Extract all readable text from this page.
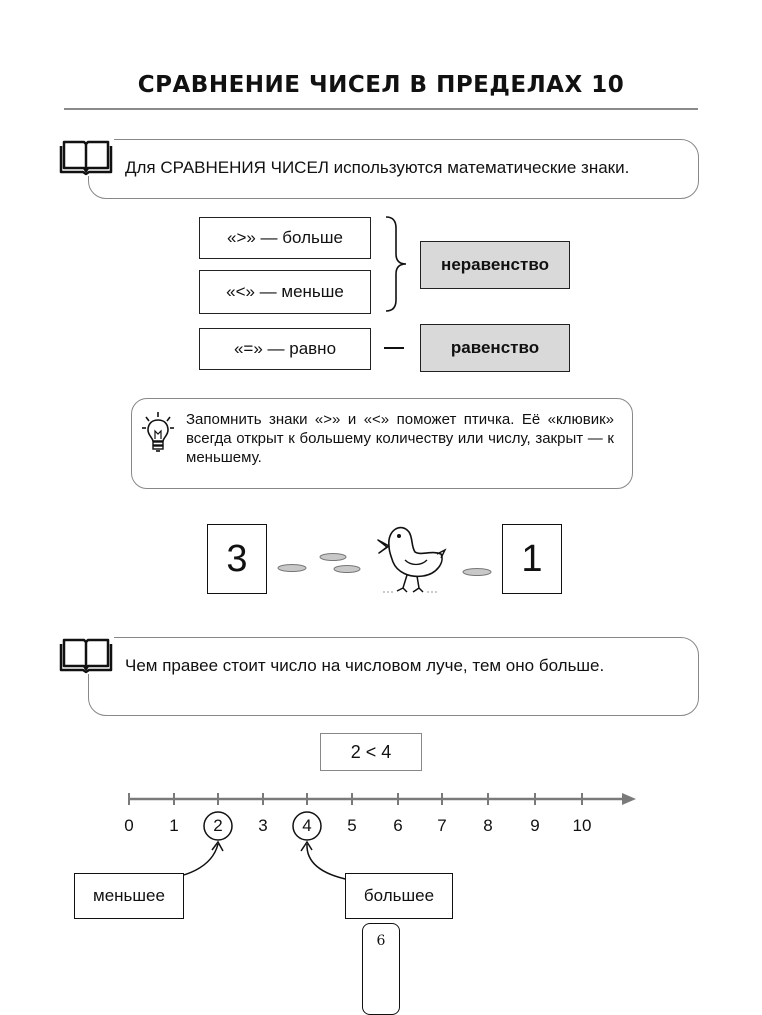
СРАВНЕНИЕ ЧИСЕЛ В ПРЕДЕЛАХ 10
Для СРАВНЕНИЯ ЧИСЕЛ используются математические знаки.
«>» — больше
«<» — меньше
«=» — равно
неравенство
равенство
Запомнить знаки «>» и «<» поможет птичка. Её «клювик» всегда открыт к большему количеству или числу, закрыт — к меньшему.
3	1
Чем правее стоит число на числовом луче, тем оно больше.
2 < 4
0	1	2	3	4	5	6	7	8	9	10
меньшее	большее
6
